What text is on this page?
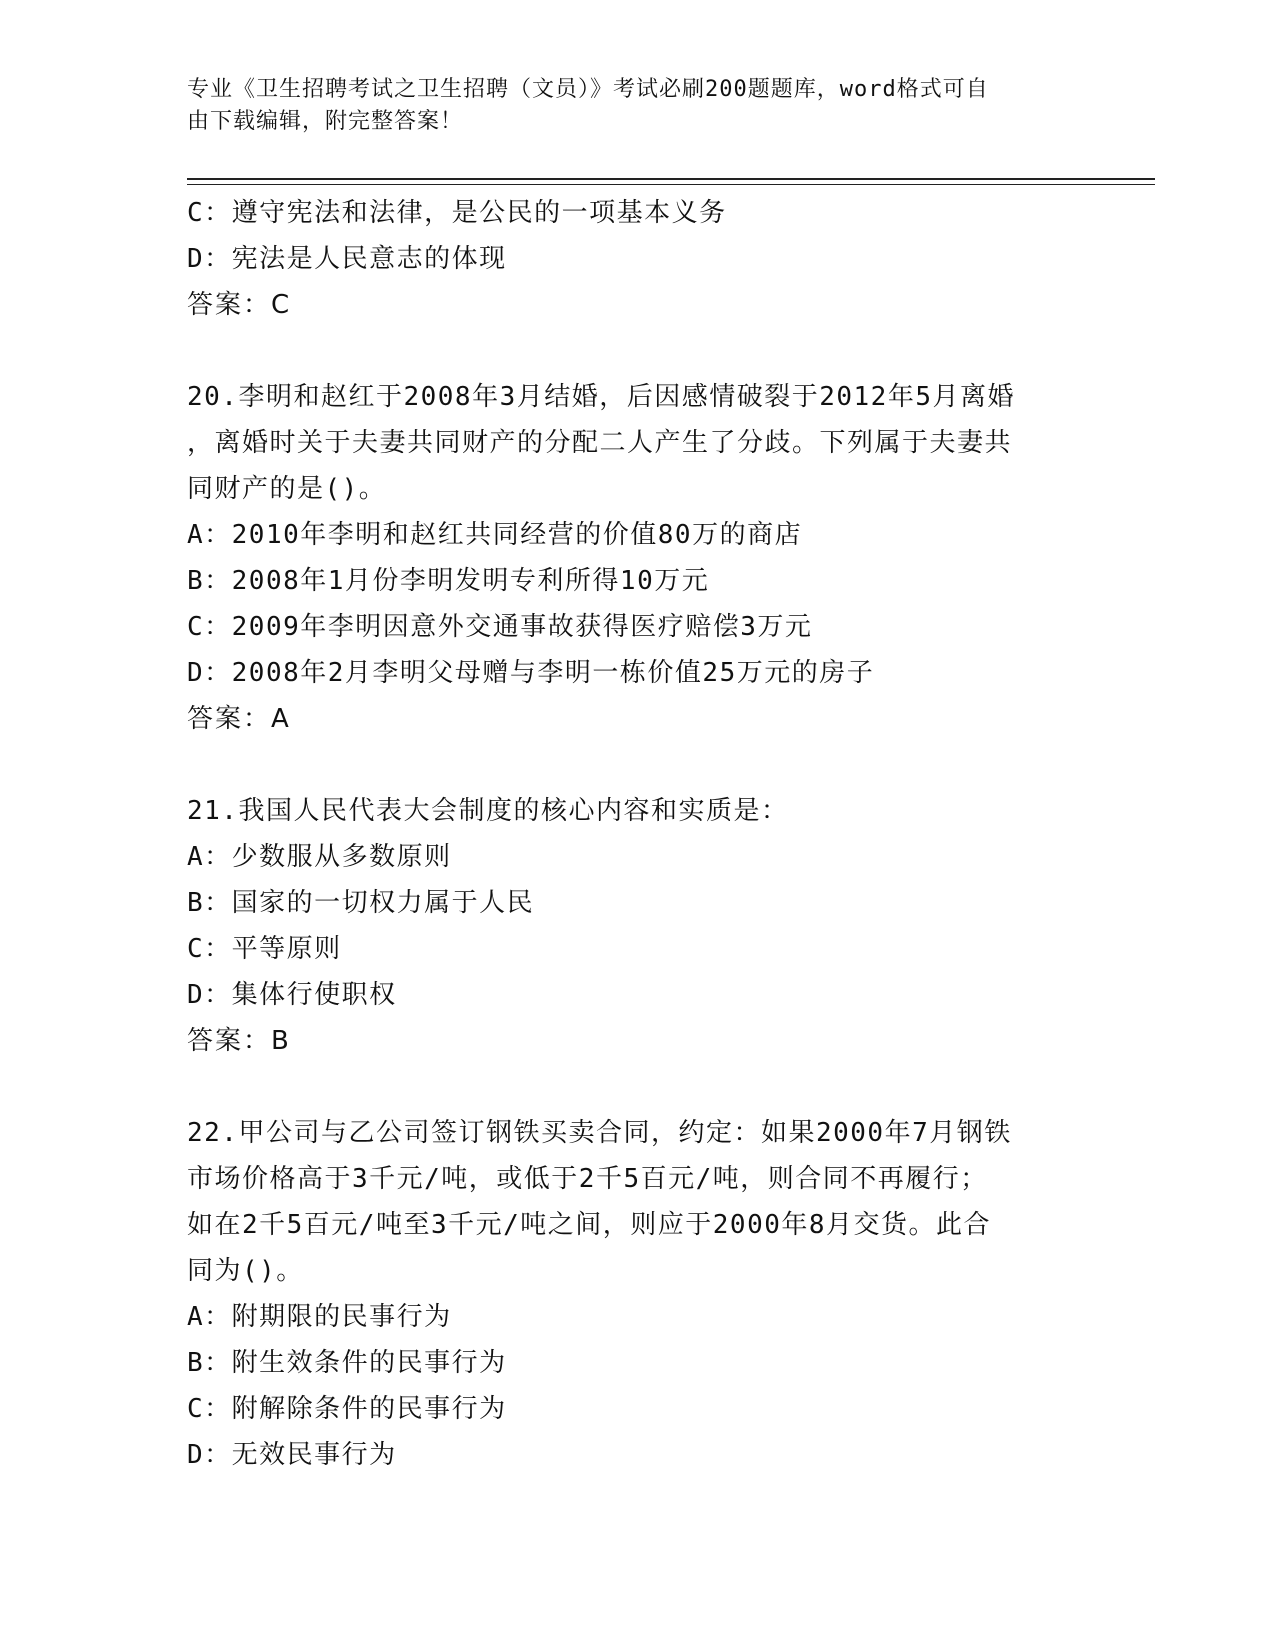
专业《卫生招聘考试之卫生招聘（文员）》考试必刷200题题库，word格式可自
由下载编辑，附完整答案！
C：遵守宪法和法律，是公民的一项基本义务
D：宪法是人民意志的体现
答案：C
20.李明和赵红于2008年3月结婚，后因感情破裂于2012年5月离婚
，离婚时关于夫妻共同财产的分配二人产生了分歧。下列属于夫妻共
同财产的是()。
A：2010年李明和赵红共同经营的价值80万的商店
B：2008年1月份李明发明专利所得10万元
C：2009年李明因意外交通事故获得医疗赔偿3万元
D：2008年2月李明父母赠与李明一栋价值25万元的房子
答案：A
21.我国人民代表大会制度的核心内容和实质是：
A：少数服从多数原则
B：国家的一切权力属于人民
C：平等原则
D：集体行使职权
答案：B
22.甲公司与乙公司签订钢铁买卖合同，约定：如果2000年7月钢铁
市场价格高于3千元/吨，或低于2千5百元/吨，则合同不再履行；
如在2千5百元/吨至3千元/吨之间，则应于2000年8月交货。此合
同为()。
A：附期限的民事行为
B：附生效条件的民事行为
C：附解除条件的民事行为
D：无效民事行为
